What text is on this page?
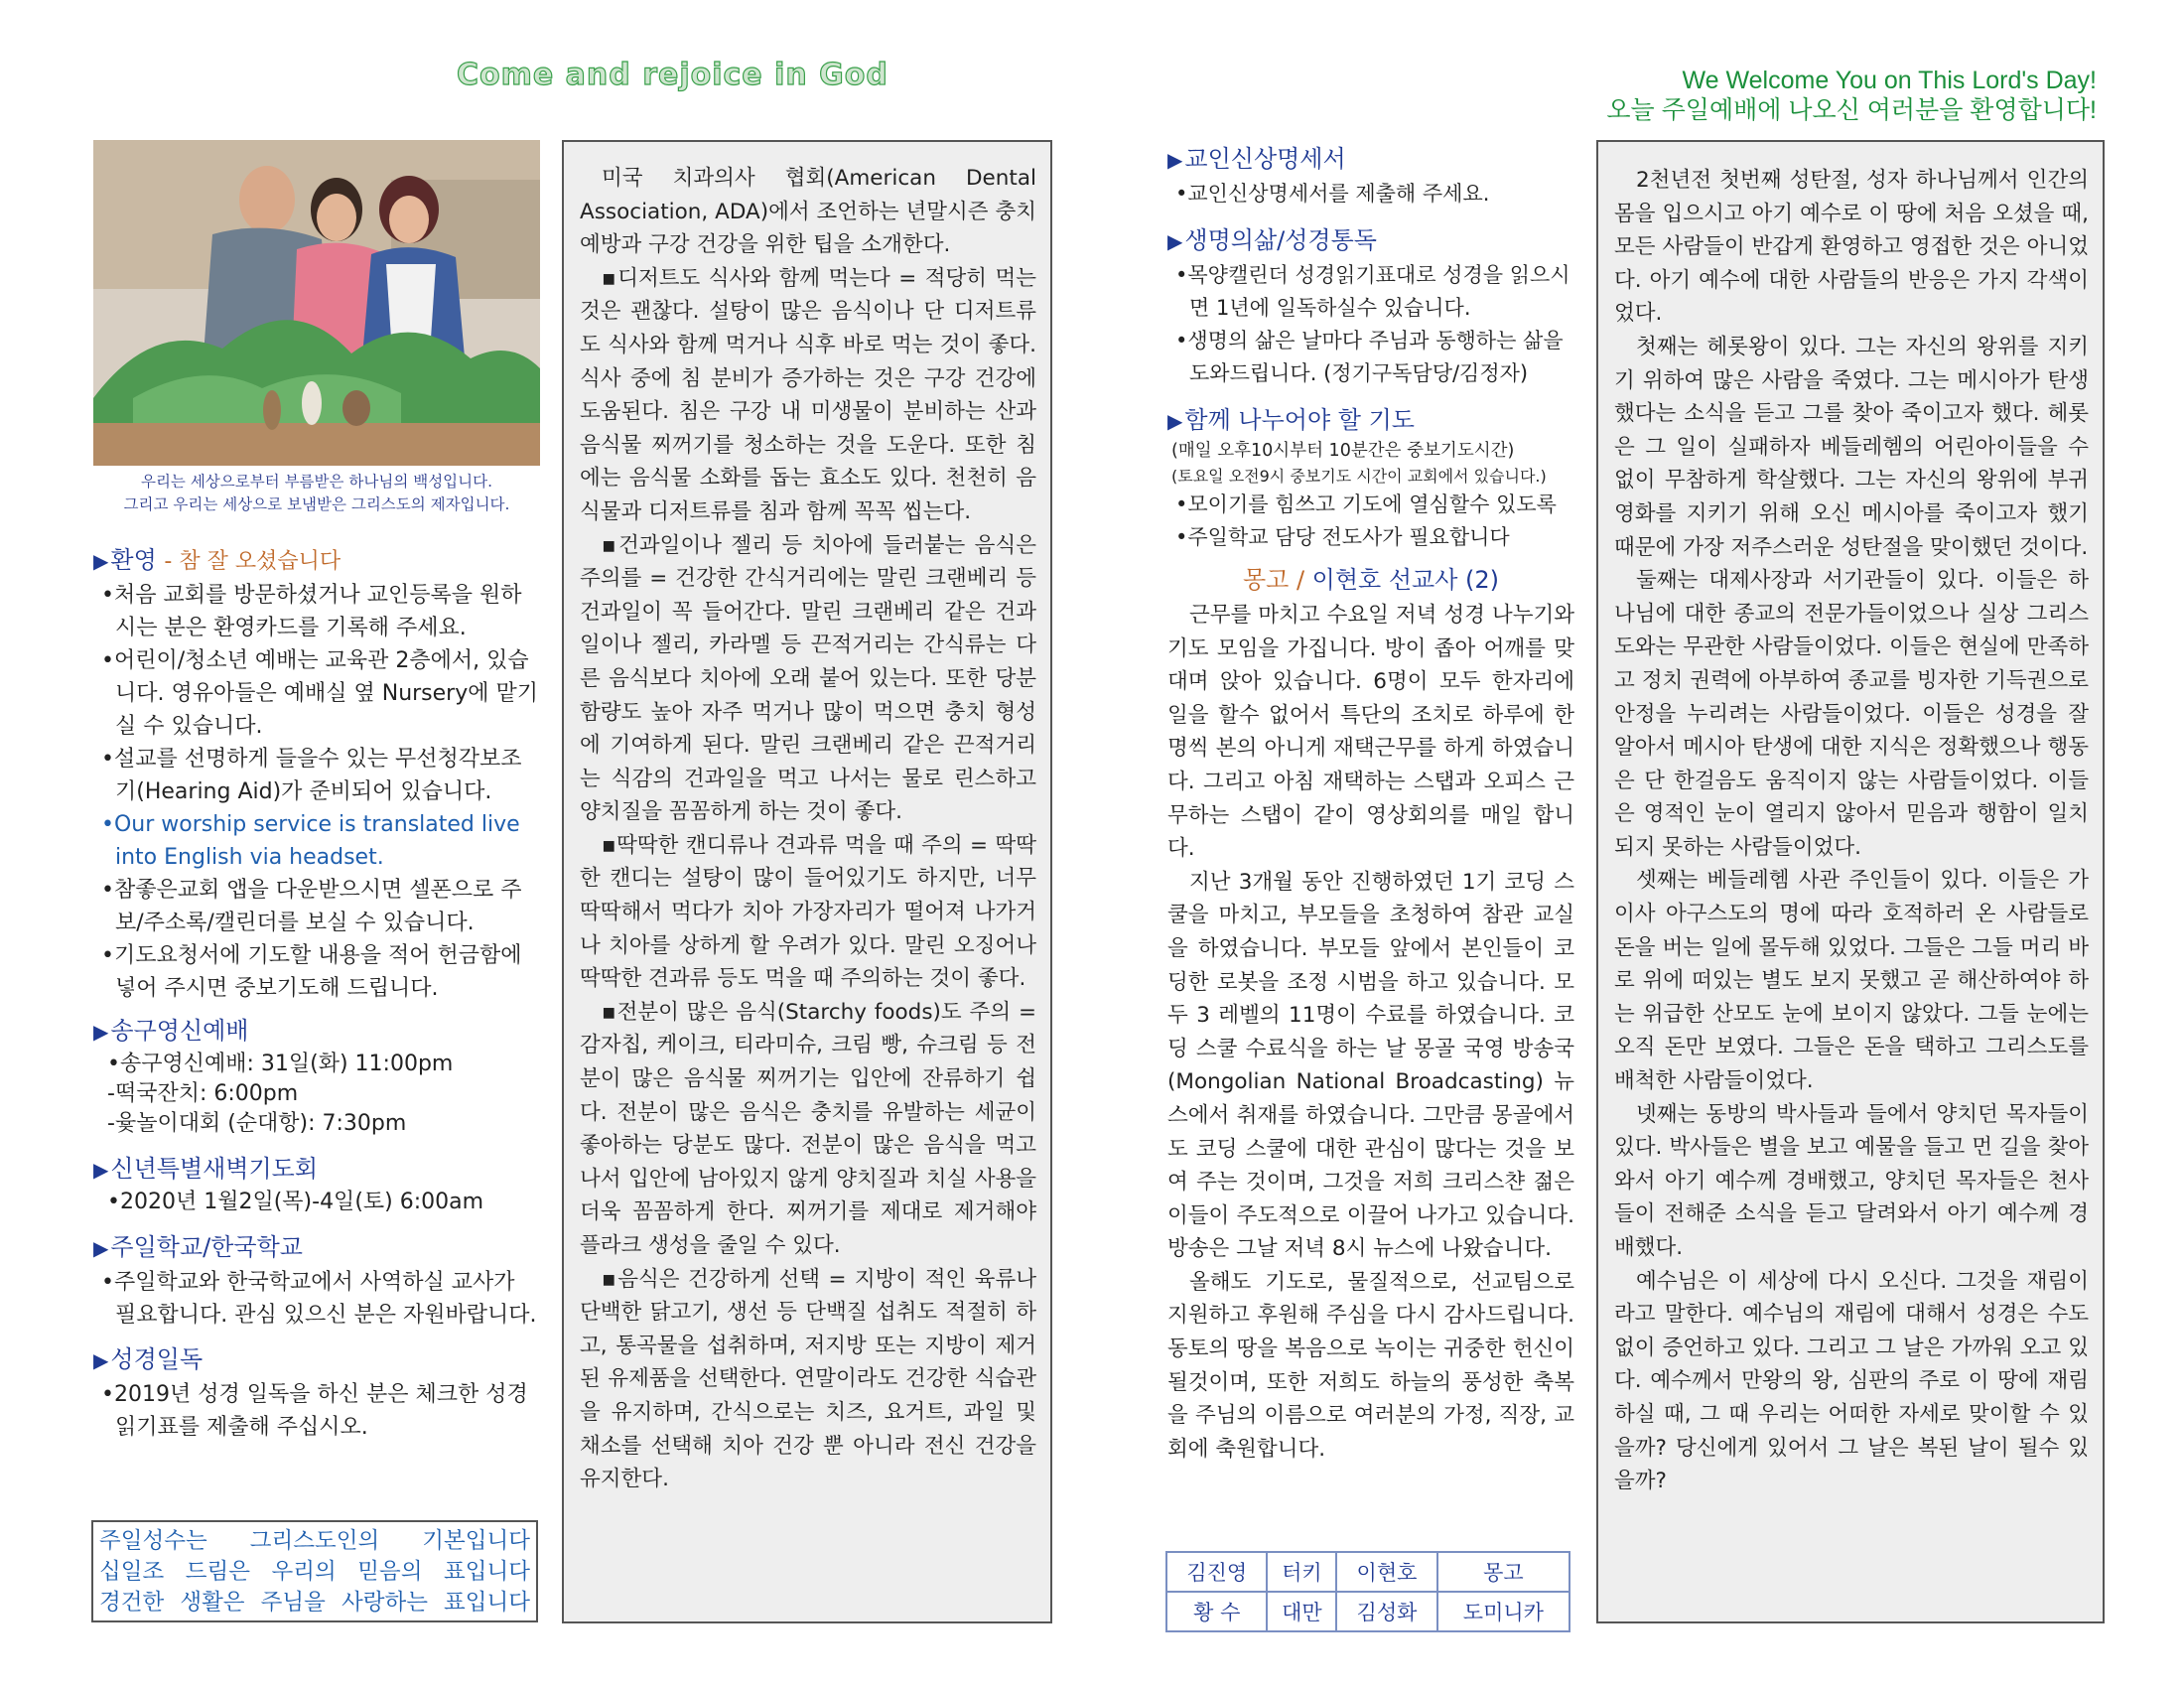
Come and rejoice in God	We Welcome You on This Lord's Day!
오늘 주일예배에 나오신 여러분을 환영합니다!
우리는 세상으로부터 부름받은 하나님의 백성입니다.
그리고 우리는 세상으로 보냄받은 그리스도의 제자입니다.
▶환영 - 참 잘 오셨습니다
•처음 교회를 방문하셨거나 교인등록을 원하시는 분은 환영카드를 기록해 주세요.
•어린이/청소년 예배는 교육관 2층에서, 있습니다. 영유아들은 예배실 옆 Nursery에 맡기실 수 있습니다.
•설교를 선명하게 들을수 있는 무선청각보조기(Hearing Aid)가 준비되어 있습니다.
•Our worship service is translated live into English via headset.
•참좋은교회 앱을 다운받으시면 셀폰으로 주보/주소록/캘린더를 보실 수 있습니다.
•기도요청서에 기도할 내용을 적어 헌금함에 넣어 주시면 중보기도해 드립니다.
▶송구영신예배
•송구영신예배: 31일(화) 11:00pm
-떡국잔치: 6:00pm
-윷놀이대회 (순대항): 7:30pm
▶신년특별새벽기도회
•2020년 1월2일(목)-4일(토) 6:00am
▶주일학교/한국학교
•주일학교와 한국학교에서 사역하실 교사가 필요합니다. 관심 있으신 분은 자원바랍니다.
▶성경일독
•2019년 성경 일독을 하신 분은 체크한 성경읽기표를 제출해 주십시오.
주일성수는 그리스도인의 기본입니다
십일조 드림은 우리의 믿음의 표입니다
경건한 생활은 주님을 사랑하는 표입니다

미국 치과의사 협회(American Dental Association, ADA)에서 조언하는 년말시즌 충치 예방과 구강 건강을 위한 팁을 소개한다.

▪디저트도 식사와 함께 먹는다 = 적당히 먹는 것은 괜찮다. 설탕이 많은 음식이나 단 디저트류도 식사와 함께 먹거나 식후 바로 먹는 것이 좋다. 식사 중에 침 분비가 증가하는 것은 구강 건강에 도움된다. 침은 구강 내 미생물이 분비하는 산과 음식물 찌꺼기를 청소하는 것을 도운다. 또한 침에는 음식물 소화를 돕는 효소도 있다. 천천히 음식물과 디저트류를 침과 함께 꼭꼭 씹는다.

▪건과일이나 젤리 등 치아에 들러붙는 음식은 주의를 = 건강한 간식거리에는 말린 크랜베리 등 건과일이 꼭 들어간다. 말린 크랜베리 같은 건과일이나 젤리, 카라멜 등 끈적거리는 간식류는 다른 음식보다 치아에 오래 붙어 있는다. 또한 당분 함량도 높아 자주 먹거나 많이 먹으면 충치 형성에 기여하게 된다. 말린 크랜베리 같은 끈적거리는 식감의 건과일을 먹고 나서는 물로 린스하고 양치질을 꼼꼼하게 하는 것이 좋다.

▪딱딱한 캔디류나 견과류 먹을 때 주의 = 딱딱한 캔디는 설탕이 많이 들어있기도 하지만, 너무 딱딱해서 먹다가 치아 가장자리가 떨어져 나가거나 치아를 상하게 할 우려가 있다. 말린 오징어나 딱딱한 견과류 등도 먹을 때 주의하는 것이 좋다.

▪전분이 많은 음식(Starchy foods)도 주의 = 감자칩, 케이크, 티라미슈, 크림 빵, 슈크림 등 전분이 많은 음식물 찌꺼기는 입안에 잔류하기 쉽다. 전분이 많은 음식은 충치를 유발하는 세균이 좋아하는 당분도 많다. 전분이 많은 음식을 먹고나서 입안에 남아있지 않게 양치질과 치실 사용을 더욱 꼼꼼하게 한다. 찌꺼기를 제대로 제거해야 플라크 생성을 줄일 수 있다.

▪음식은 건강하게 선택 = 지방이 적인 육류나 단백한 닭고기, 생선 등 단백질 섭취도 적절히 하고, 통곡물을 섭취하며, 저지방 또는 지방이 제거된 유제품을 선택한다. 연말이라도 건강한 식습관을 유지하며, 간식으로는 치즈, 요거트, 과일 및 채소를 선택해 치아 건강 뿐 아니라 전신 건강을 유지한다.

▶교인신상명세서
•교인신상명세서를 제출해 주세요.
▶생명의삶/성경통독
•목양캘린더 성경읽기표대로 성경을 읽으시면 1년에 일독하실수 있습니다.
•생명의 삶은 날마다 주님과 동행하는 삶을 도와드립니다. (정기구독담당/김정자)
▶함께 나누어야 할 기도
(매일 오후10시부터 10분간은 중보기도시간)
(토요일 오전9시 중보기도 시간이 교회에서 있습니다.)
•모이기를 힘쓰고 기도에 열심할수 있도록
•주일학교 담당 전도사가 필요합니다
몽고 / 이현호 선교사 (2)

근무를 마치고 수요일 저녁 성경 나누기와 기도 모임을 가집니다. 방이 좁아 어깨를 맞대며 앉아 있습니다. 6명이 모두 한자리에 일을 할수 없어서 특단의 조치로 하루에 한명씩 본의 아니게 재택근무를 하게 하였습니다. 그리고 아침 재택하는 스탭과 오피스 근무하는 스탭이 같이 영상회의를 매일 합니다.

지난 3개월 동안 진행하였던 1기 코딩 스쿨을 마치고, 부모들을 초청하여 참관 교실을 하였습니다. 부모들 앞에서 본인들이 코딩한 로봇을 조정 시범을 하고 있습니다. 모두 3 레벨의 11명이 수료를 하였습니다. 코딩 스쿨 수료식을 하는 날 몽골 국영 방송국(Mongolian National Broadcasting) 뉴스에서 취재를 하였습니다. 그만큼 몽골에서도 코딩 스쿨에 대한 관심이 많다는 것을 보여 주는 것이며, 그것을 저희 크리스챤 젊은이들이 주도적으로 이끌어 나가고 있습니다. 방송은 그날 저녁 8시 뉴스에 나왔습니다.

올해도 기도로, 물질적으로, 선교팀으로 지원하고 후원해 주심을 다시 감사드립니다. 동토의 땅을 복음으로 녹이는 귀중한 헌신이 될것이며, 또한 저희도 하늘의 풍성한 축복을 주님의 이름으로 여러분의 가정, 직장, 교회에 축원합니다.

김진영	터키	이현호	몽고
황 수	대만	김성화	도미니카

2천년전 첫번째 성탄절, 성자 하나님께서 인간의 몸을 입으시고 아기 예수로 이 땅에 처음 오셨을 때, 모든 사람들이 반갑게 환영하고 영접한 것은 아니었다. 아기 예수에 대한 사람들의 반응은 가지 각색이었다.

첫째는 헤롯왕이 있다. 그는 자신의 왕위를 지키기 위하여 많은 사람을 죽였다. 그는 메시아가 탄생했다는 소식을 듣고 그를 찾아 죽이고자 했다. 헤롯은 그 일이 실패하자 베들레헴의 어린아이들을 수 없이 무참하게 학살했다. 그는 자신의 왕위에 부귀영화를 지키기 위해 오신 메시아를 죽이고자 했기 때문에 가장 저주스러운 성탄절을 맞이했던 것이다.

둘째는 대제사장과 서기관들이 있다. 이들은 하나님에 대한 종교의 전문가들이었으나 실상 그리스도와는 무관한 사람들이었다. 이들은 현실에 만족하고 정치 권력에 아부하여 종교를 빙자한 기득권으로 안정을 누리려는 사람들이었다. 이들은 성경을 잘 알아서 메시아 탄생에 대한 지식은 정확했으나 행동은 단 한걸음도 움직이지 않는 사람들이었다. 이들은 영적인 눈이 열리지 않아서 믿음과 행함이 일치되지 못하는 사람들이었다.

셋째는 베들레헴 사관 주인들이 있다. 이들은 가이사 아구스도의 명에 따라 호적하러 온 사람들로 돈을 버는 일에 몰두해 있었다. 그들은 그들 머리 바로 위에 떠있는 별도 보지 못했고 곧 해산하여야 하는 위급한 산모도 눈에 보이지 않았다. 그들 눈에는 오직 돈만 보였다. 그들은 돈을 택하고 그리스도를 배척한 사람들이었다.

넷째는 동방의 박사들과 들에서 양치던 목자들이 있다. 박사들은 별을 보고 예물을 들고 먼 길을 찾아와서 아기 예수께 경배했고, 양치던 목자들은 천사들이 전해준 소식을 듣고 달려와서 아기 예수께 경배했다.

예수님은 이 세상에 다시 오신다. 그것을 재림이라고 말한다. 예수님의 재림에 대해서 성경은 수도 없이 증언하고 있다. 그리고 그 날은 가까워 오고 있다. 예수께서 만왕의 왕, 심판의 주로 이 땅에 재림하실 때, 그 때 우리는 어떠한 자세로 맞이할 수 있을까? 당신에게 있어서 그 날은 복된 날이 될수 있을까?
